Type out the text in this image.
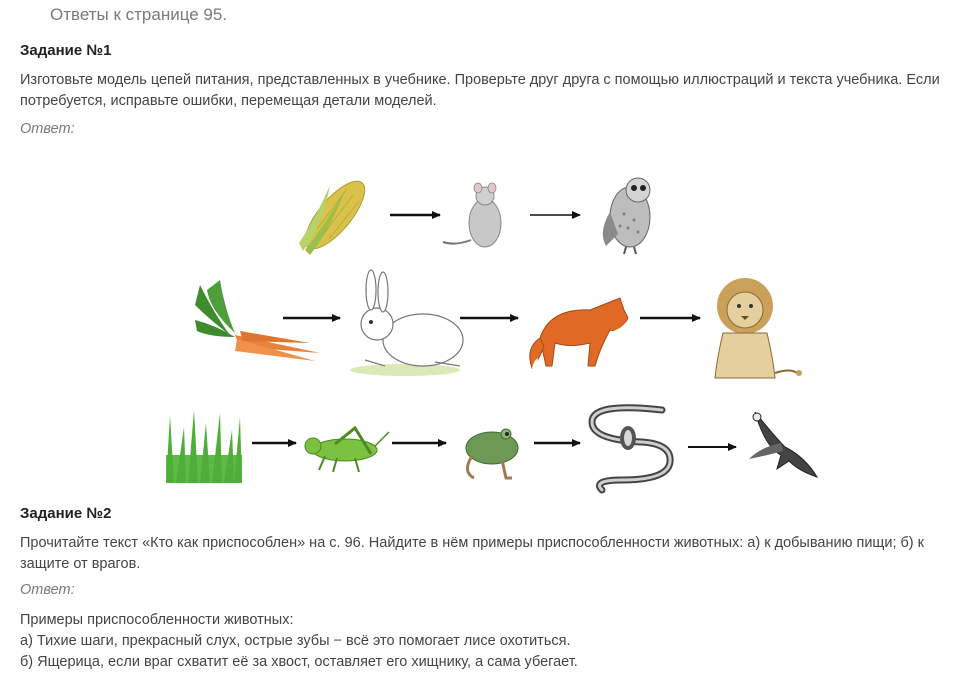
Ответы к странице 95.
Задание №1
Изготовьте модель цепей питания, представленных в учебнике. Проверьте друг друга с помощью иллюстраций и текста учебника. Если потребуется, исправьте ошибки, перемещая детали моделей.
Ответ:
Задание №2
Прочитайте текст «Кто как приспособлен» на с. 96. Найдите в нём примеры приспособленности животных: а) к добыванию пищи; б) к защите от врагов.
Ответ:
Примеры приспособленности животных:
а) Тихие шаги, прекрасный слух, острые зубы − всё это помогает лисе охотиться.
б) Ящерица, если враг схватит её за хвост, оставляет его хищнику, а сама убегает.
